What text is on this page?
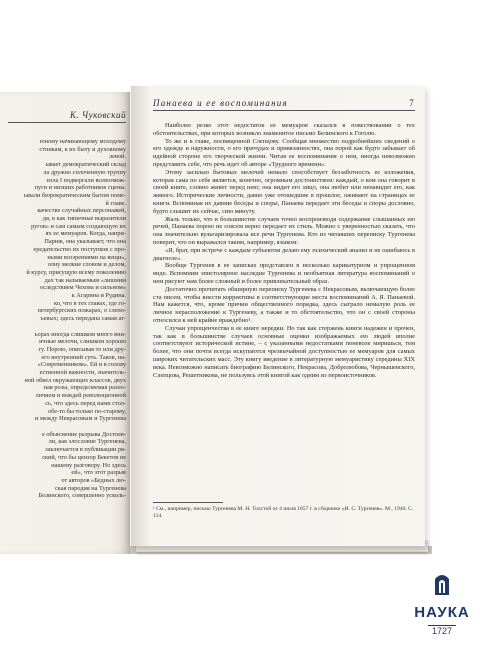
К. Чуковский
юному начинающему молодому
стникам, к их быту и духовному
левой.
ывает демократический склад
ла дружно сплоченную труппу
нзла I подвергали всевозмож-
пуги и низших работников сцены.
ывали бюрократическим бытом поме-
й главе.
качестве случайных персонажей,
дя, в как типичные выразители
ругов» и сам самым создающую их
ях ее мемуаров. Когда, напри-
Париж, она указывает, что она
ередательство их поступков с про-
ными воззрениями на вещи»,
олну мелкие словом и делом,
й курсу, присущую всему поколению
дах так называемым «лишним
оследствием Чехова и сильном»
к Агарина и Рудина.
ко, что в тех главах, где го-
петербургских пожарах, о слепо-
ъевых; здесь передана самая ат-
ьорах иногда слишком много вни-
ичные мелочи, слишком хорошо
гу. Порою, описывая то или дру-
его внутренний суть. Таков, на-
«Современником». Ей и в голову
ественной важности, значитель-
ной обвел окружающих классов, двух
ная розы, определяемая разно-
личием и вождей революционной
сь, что здесь перед нами стол-
обе-то бы только по-старому,
и между Некрасовым и Тургенева
е объяснение разрыва Достоев-
ли, как злословие Тургенева,
заключается в публикации ря-
ский, что бы цензор Бекетов не
нашему разговору. Но здесь
ей», что этот разрыв
от авторов «Бедных лю-
ская пародия на Тургенева
Белинского, совершенно усколь-
Панаева и ее воспоминания	7

Наиболее резко этот недостаток ее мемуаров сказался в повествовании о тех обстоятельствах, при которых возникло знаменитое письмо Белинского к Гоголю.

То же и в главе, посвященной Слепцову. Сообщая множество подробнейших сведений о его одежде и наружности, о его причудах и привязанностях, она порой как будто забывает об идейной стороне его творческой жизни. Читая ее воспоминания о нем, иногда невозможно представить себе, что речь идет об авторе «Трудного времени».

Этому засилью бытовых мелочей немало способствует беззаботность ее изложения, которая сама по себе является, конечно, огромным достоинством: каждый, о ком она говорит в своей книге, словно живет перед нею; она видит его лицо, она любит или ненавидит его, как живого. Исторические личности, давно уже отошедшие в прошлое, оживают на страницах ее книги. Вспоминая их давние беседы и споры, Панаева передает эти беседы и споры дословно, будто слышит их сейчас, сию минуту.

Жаль только, что в большинстве случаев точно воспроизводя содержание слышанных ею речей, Панаева порою не совсем верно передает их стиль. Можно с уверенностью сказать, что она значительно вульгаризировала все речи Тургенева. Кто из читавших переписку Тургенева поверит, что он выражался таким, например, языком:

«Я, брат, при встрече с каждым субъектом делаю ему психический анализ и не ошибаюсь в диагнозе».

Вообще Тургенев в ее записках представлен в несколько карикатурном и упрощенном виде. Вспомним эпистолярное наследие Тургенева и необъятная литература воспоминаний о нем рисуют нам более сложный и более привлекательный образ.

Достаточно прочитать обширную переписку Тургенева с Некрасовым, включающую более ста писем, чтобы внести коррективы в соответствующие места воспоминаний А. Я. Панаевой. Нам кажется, что, кроме причин общественного порядка, здесь сыграло немалую роль ее личное нерасположение к Тургеневу, а также и то обстоятельство, что он с своей стороны относился к ней крайне враждебно¹.

Случаи упрощенчества в ее книге нередки. Но так как стержень книги надежен и прочен, так как в большинстве случаев основные оценки изображаемых ею людей вполне соответствуют исторической истине, – с указанными недостатками поневоле миришься, тем более, что они почти всегда искупаются чрезвычайной доступностью ее мемуаров для самых широких читательских масс. Эту книгу введение в литературную мемуаристику середины XIX века. Невозможно написать биографию Белинского, Некрасова, Добролюбова, Чернышевского, Слепцова, Решетникова, не пользуясь этой книгой как одним из первоисточников.

¹ См., например, письмо Тургенева М. Н. Толстой от 4 июля 1857 г. в сборнике «И. С. Тургенев». М., 1940. С. 114.
НАУКА
1727
